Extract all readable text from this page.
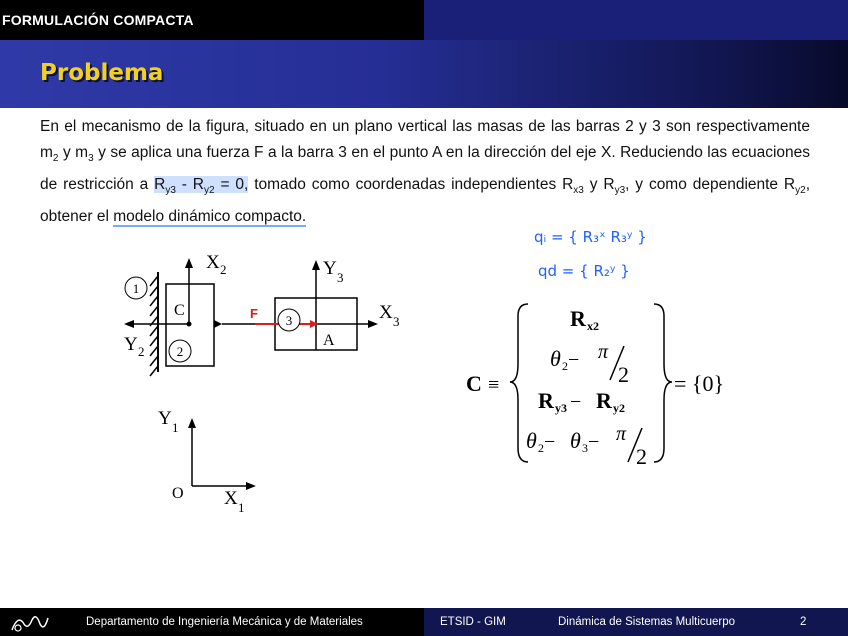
FORMULACIÓN COMPACTA
Problema

En el mecanismo de la figura, situado en un plano vertical las masas de las barras 2 y 3 son respectivamente $m_2$ y $m_3$ y se aplica una fuerza F a la barra 3 en el punto A en la dirección del eje X. Reduciendo las ecuaciones de restricción a $R_{y3} - R_{y2} = 0$, tomado como coordenadas independientes $R_{x3}$ y $R_{y3}$, y como dependiente $R_{y2}$, obtener el modelo dinámico compacto.

qᵢ = { R₃ˣ R₃ʸ }
qd = { R₂ʸ }
1
2
3
C
A
F
X 2
Y 2
X 3
Y 3
Y 1
X 1
O
C ≡
R x2
θ 2 − π
2
R y3 − R y2
θ 2 − θ 3 − π
2
= {0}
Departamento de Ingeniería Mecánica y de Materiales	ETSID - GIM	Dinámica de Sistemas Multicuerpo	2
